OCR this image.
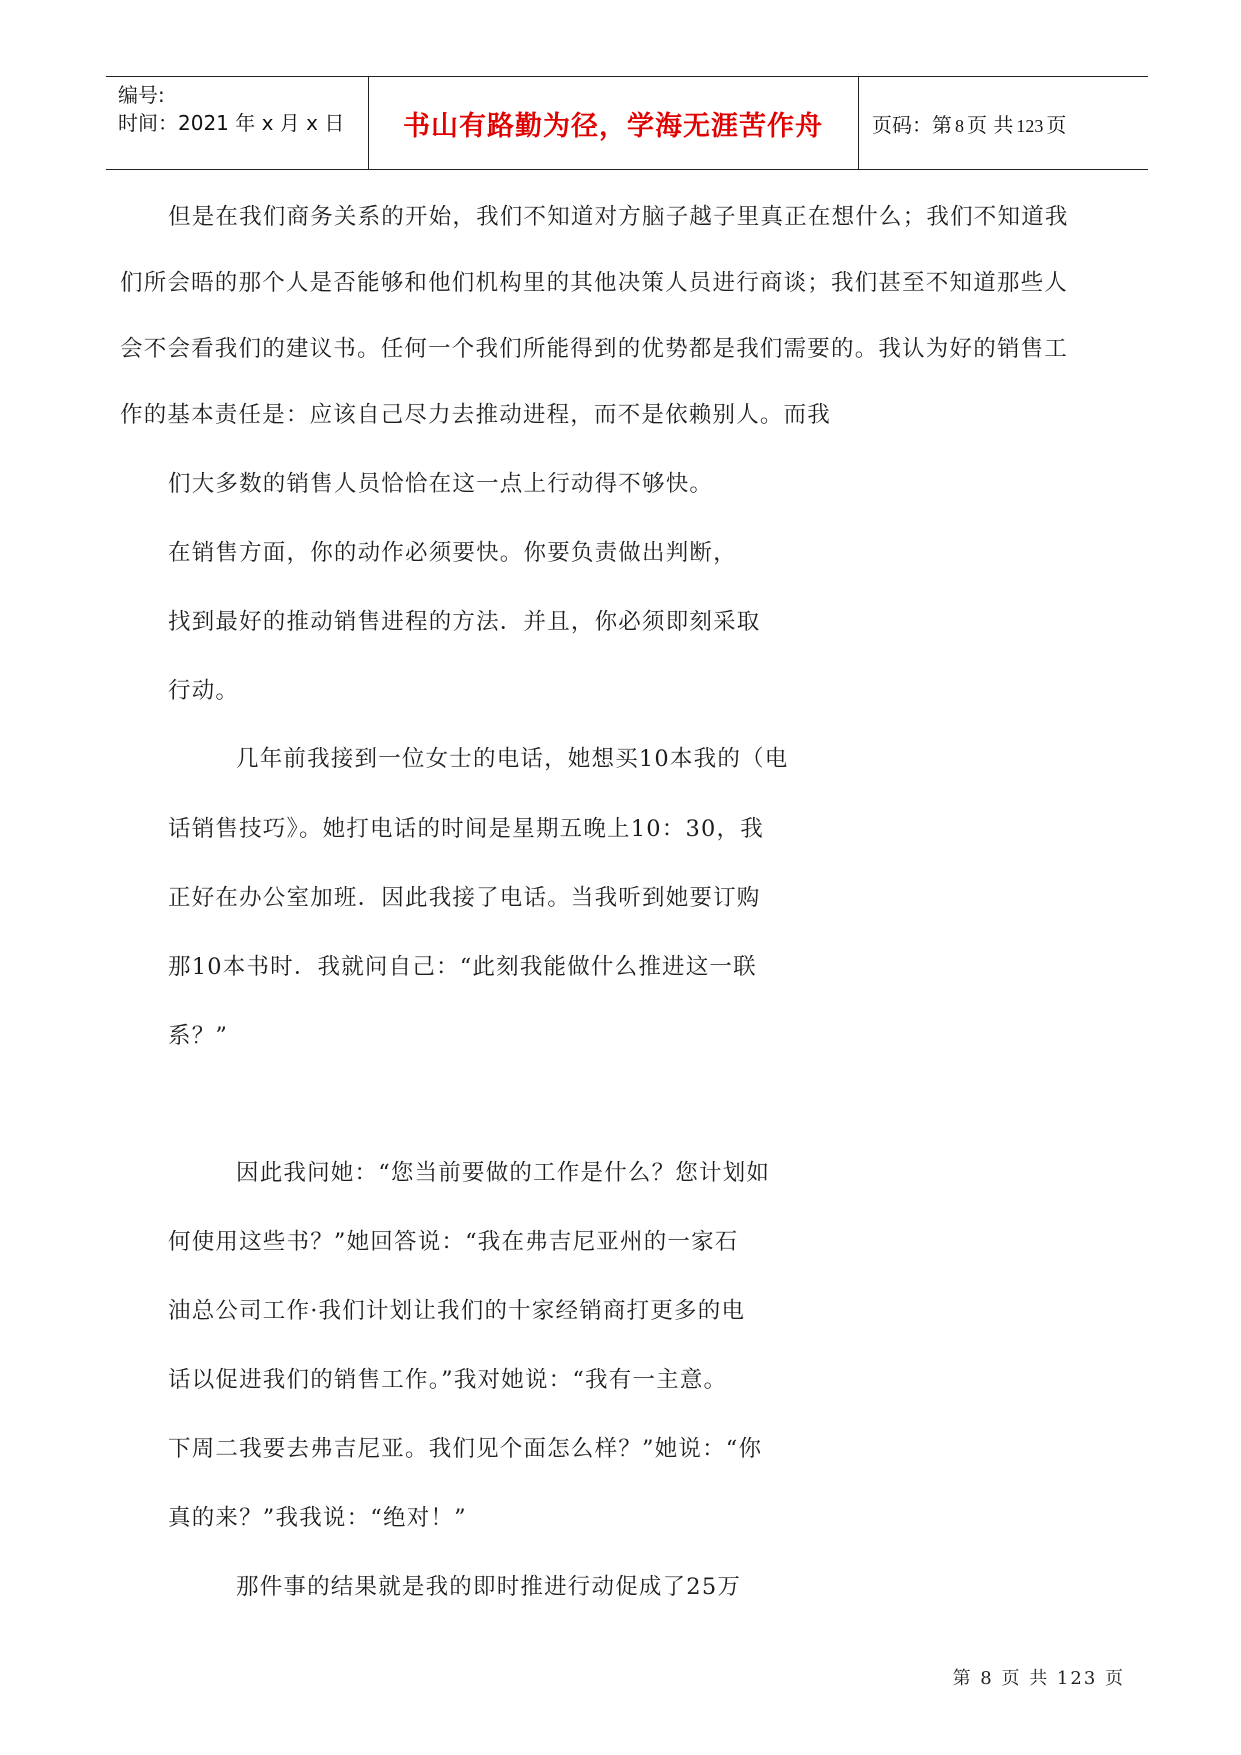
编号:
时间：2021 年 x 月 x 日 书山有路勤为径，学海无涯苦作舟 页码：第 8 页 共 123 页
但是在我们商务关系的开始，我们不知道对方脑子越子里真正在想什么；我们不知道我
们所会晤的那个人是否能够和他们机构里的其他决策人员进行商谈；我们甚至不知道那些人
会不会看我们的建议书。任何一个我们所能得到的优势都是我们需要的。我认为好的销售工
作的基本责任是：应该自己尽力去推动进程，而不是依赖别人。而我
们大多数的销售人员恰恰在这一点上行动得不够快。
在销售方面，你的动作必须要快。你要负责做出判断，
找到最好的推动销售进程的方法．并且，你必须即刻采取
行动。
几年前我接到一位女士的电话，她想买10本我的（电
话销售技巧》。她打电话的时间是星期五晚上10：30，我
正好在办公室加班．因此我接了电话。当我听到她要订购
那10本书时．我就问自己：“此刻我能做什么推进这一联
系？”
因此我问她：“您当前要做的工作是什么？您计划如
何使用这些书？”她回答说：“我在弗吉尼亚州的一家石
油总公司工作·我们计划让我们的十家经销商打更多的电
话以促进我们的销售工作。”我对她说：“我有一主意。
下周二我要去弗吉尼亚。我们见个面怎么样？”她说：“你
真的来？”我我说：“绝对！”
那件事的结果就是我的即时推进行动促成了25万
第 8 页 共 123 页
